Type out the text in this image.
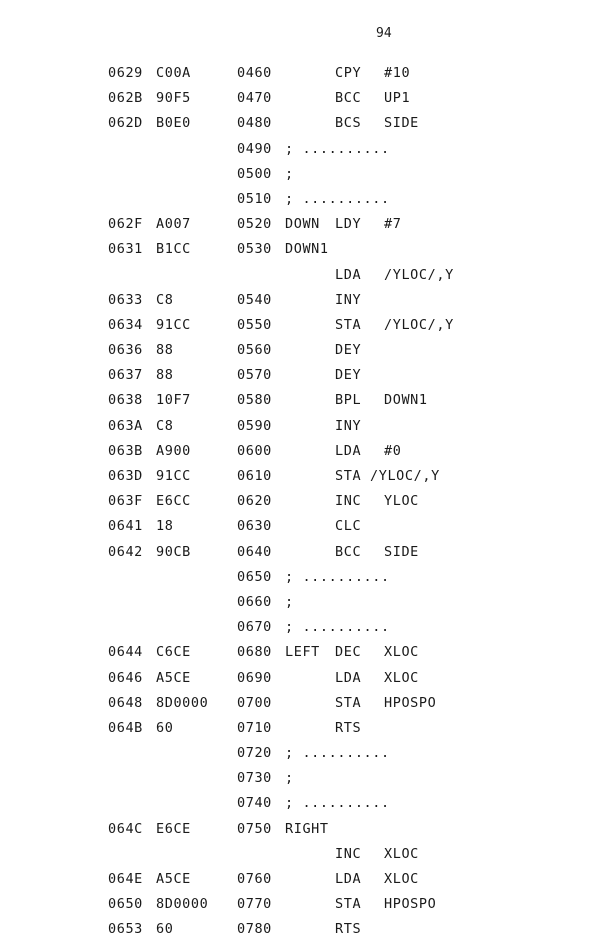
94
0629 C00A	0460	CPY #10
062B 90F5	0470	BCC UP1
062D B0E0	0480	BCS SIDE
0490 ; ..........
0500 ;
0510 ; ..........
062F A007	0520 DOWN LDY #7
0631 B1CC	0530 DOWN1
LDA /YLOC/,Y
0633 C8	0540	INY
0634 91CC	0550	STA /YLOC/,Y
0636 88	0560	DEY
0637 88	0570	DEY
0638 10F7	0580	BPL DOWN1
063A C8	0590	INY
063B A900	0600	LDA #0
063D 91CC	0610	STA /YLOC/,Y
063F E6CC	0620	INC YLOC
0641 18	0630	CLC
0642 90CB	0640	BCC SIDE
0650 ; ..........
0660 ;
0670 ; ..........
0644 C6CE	0680 LEFT DEC XLOC
0646 A5CE	0690	LDA XLOC
0648 8D0000 0700	STA HPOSPO
064B 60	0710	RTS
0720 ; ..........
0730 ;
0740 ; ..........
064C E6CE	0750 RIGHT
INC XLOC
064E A5CE	0760	LDA XLOC
0650 8D0000 0770	STA HPOSPO
0653 60	0780	RTS
